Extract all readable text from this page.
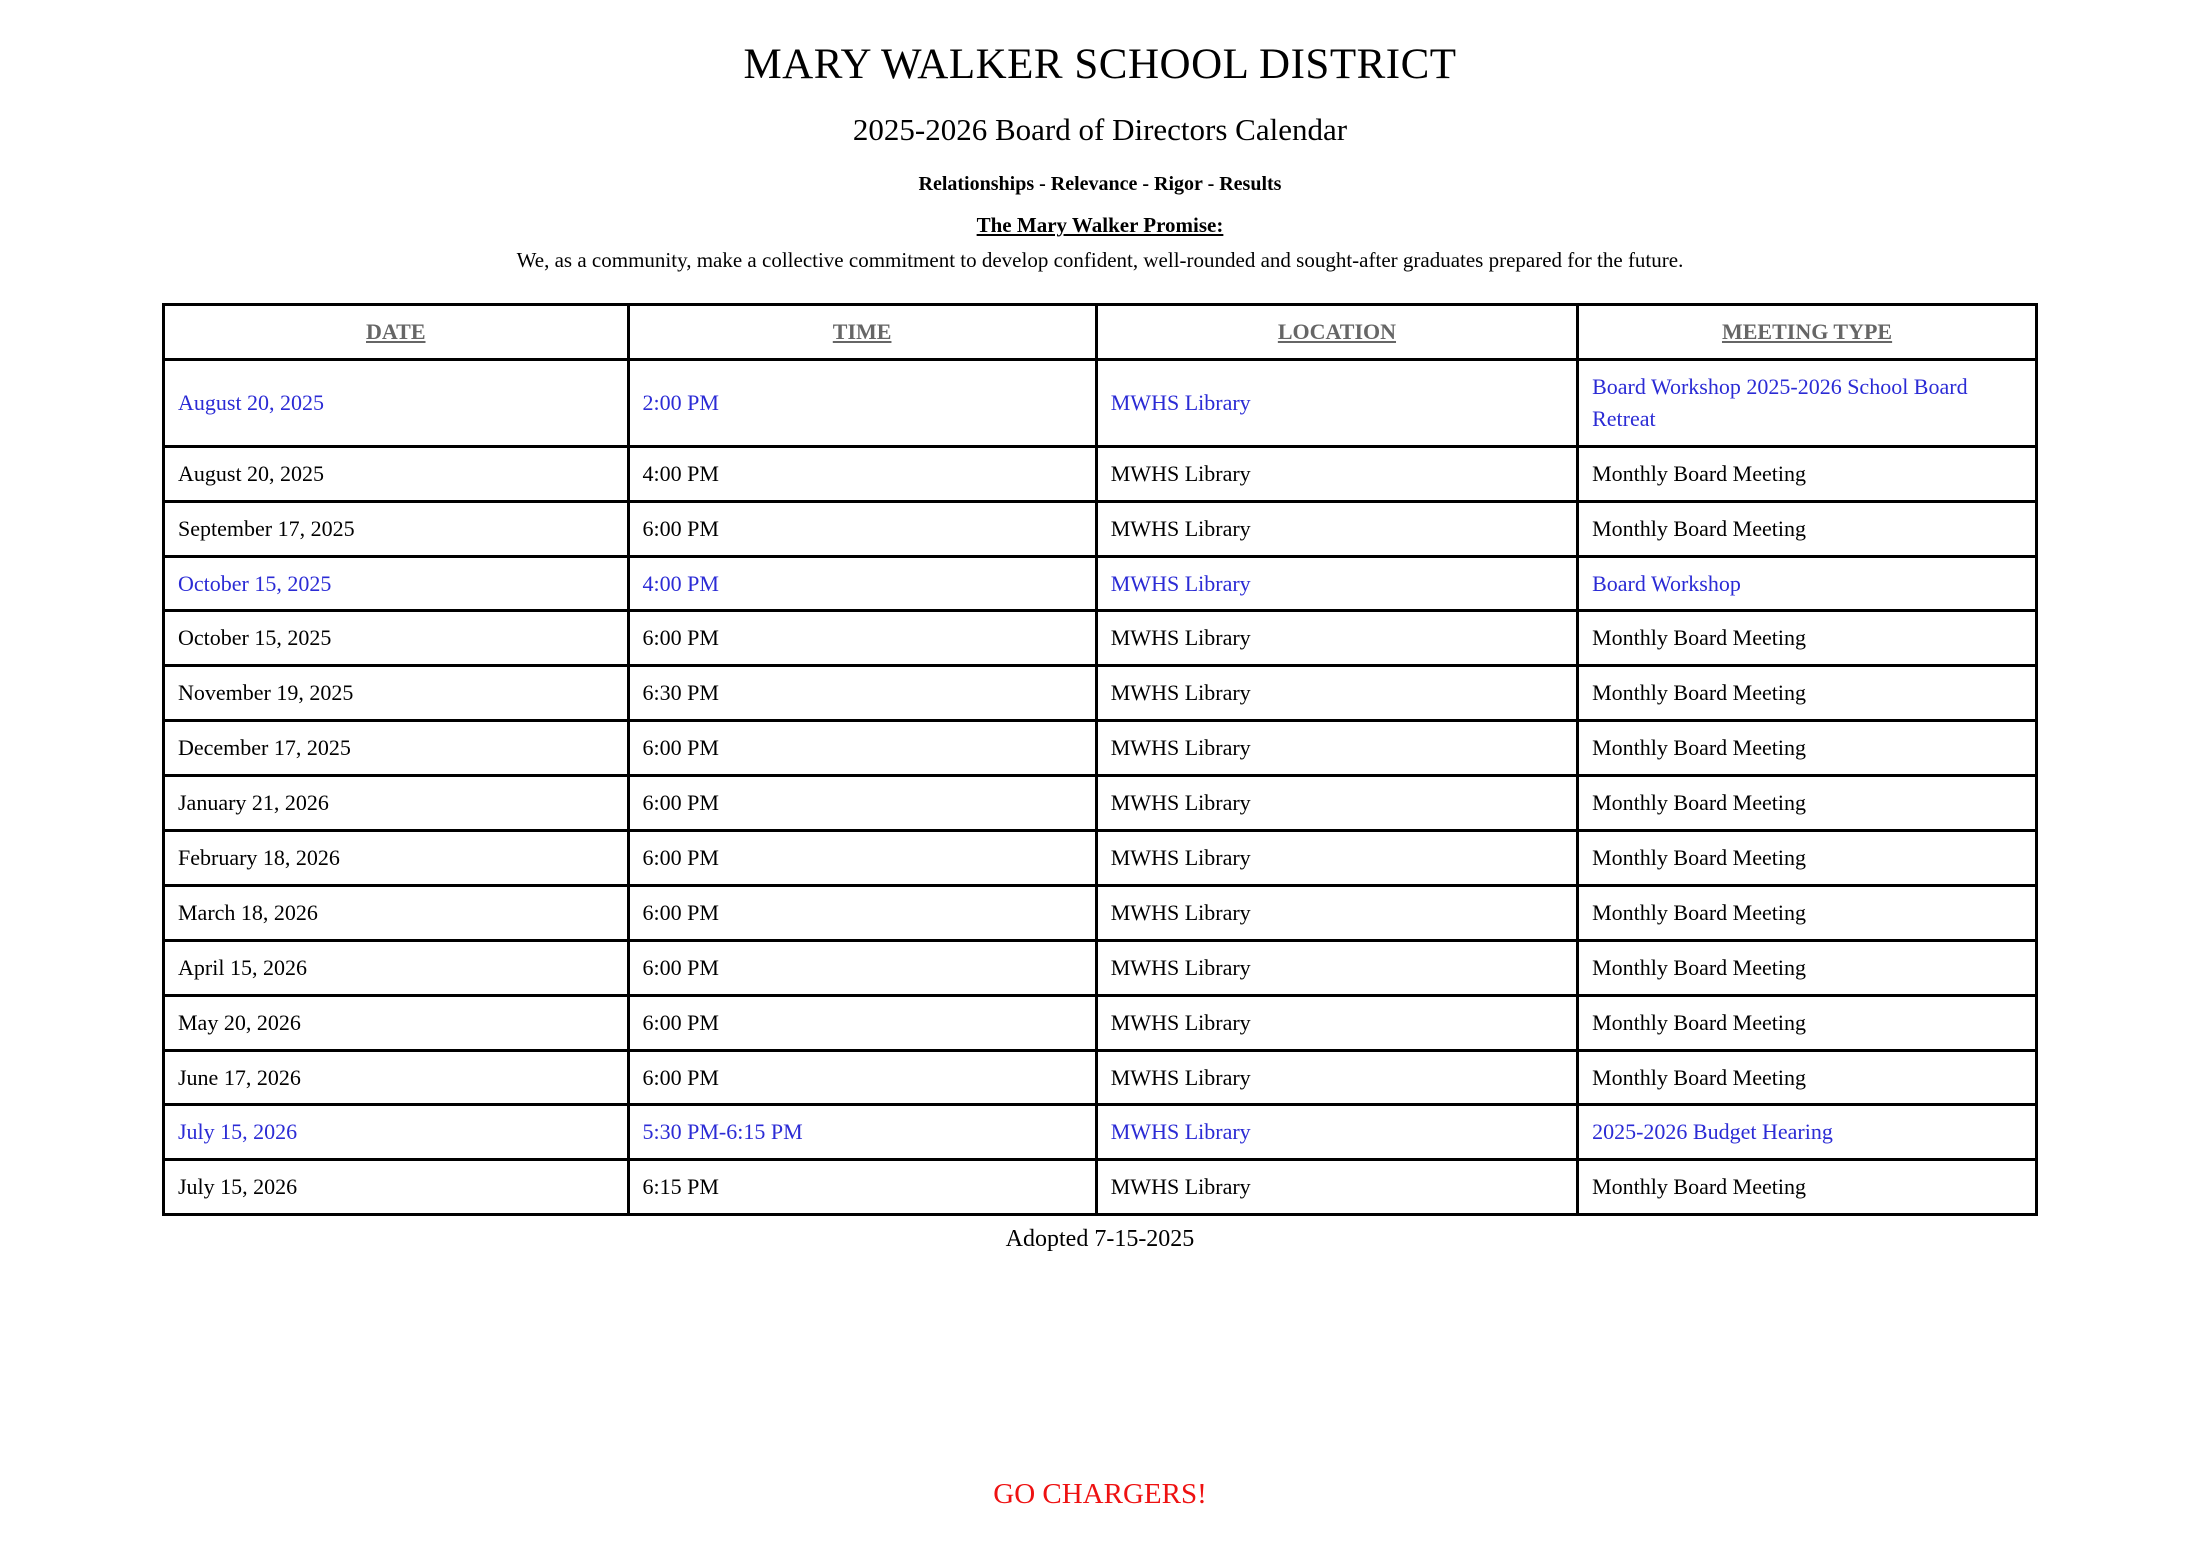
MARY WALKER SCHOOL DISTRICT
2025-2026 Board of Directors Calendar

Relationships - Relevance - Rigor - Results

The Mary Walker Promise:

We, as a community, make a collective commitment to develop confident, well-rounded and sought-after graduates prepared for the future.

DATE	TIME	LOCATION	MEETING TYPE
August 20, 2025	2:00 PM	MWHS Library	Board Workshop 2025-2026 School Board Retreat
August 20, 2025	4:00 PM	MWHS Library	Monthly Board Meeting
September 17, 2025	6:00 PM	MWHS Library	Monthly Board Meeting
October 15, 2025	4:00 PM	MWHS Library	Board Workshop
October 15, 2025	6:00 PM	MWHS Library	Monthly Board Meeting
November 19, 2025	6:30 PM	MWHS Library	Monthly Board Meeting
December 17, 2025	6:00 PM	MWHS Library	Monthly Board Meeting
January 21, 2026	6:00 PM	MWHS Library	Monthly Board Meeting
February 18, 2026	6:00 PM	MWHS Library	Monthly Board Meeting
March 18, 2026	6:00 PM	MWHS Library	Monthly Board Meeting
April 15, 2026	6:00 PM	MWHS Library	Monthly Board Meeting
May 20, 2026	6:00 PM	MWHS Library	Monthly Board Meeting
June 17, 2026	6:00 PM	MWHS Library	Monthly Board Meeting
July 15, 2026	5:30 PM-6:15 PM	MWHS Library	2025-2026 Budget Hearing
July 15, 2026	6:15 PM	MWHS Library	Monthly Board Meeting
Adopted 7-15-2025
GO CHARGERS!
